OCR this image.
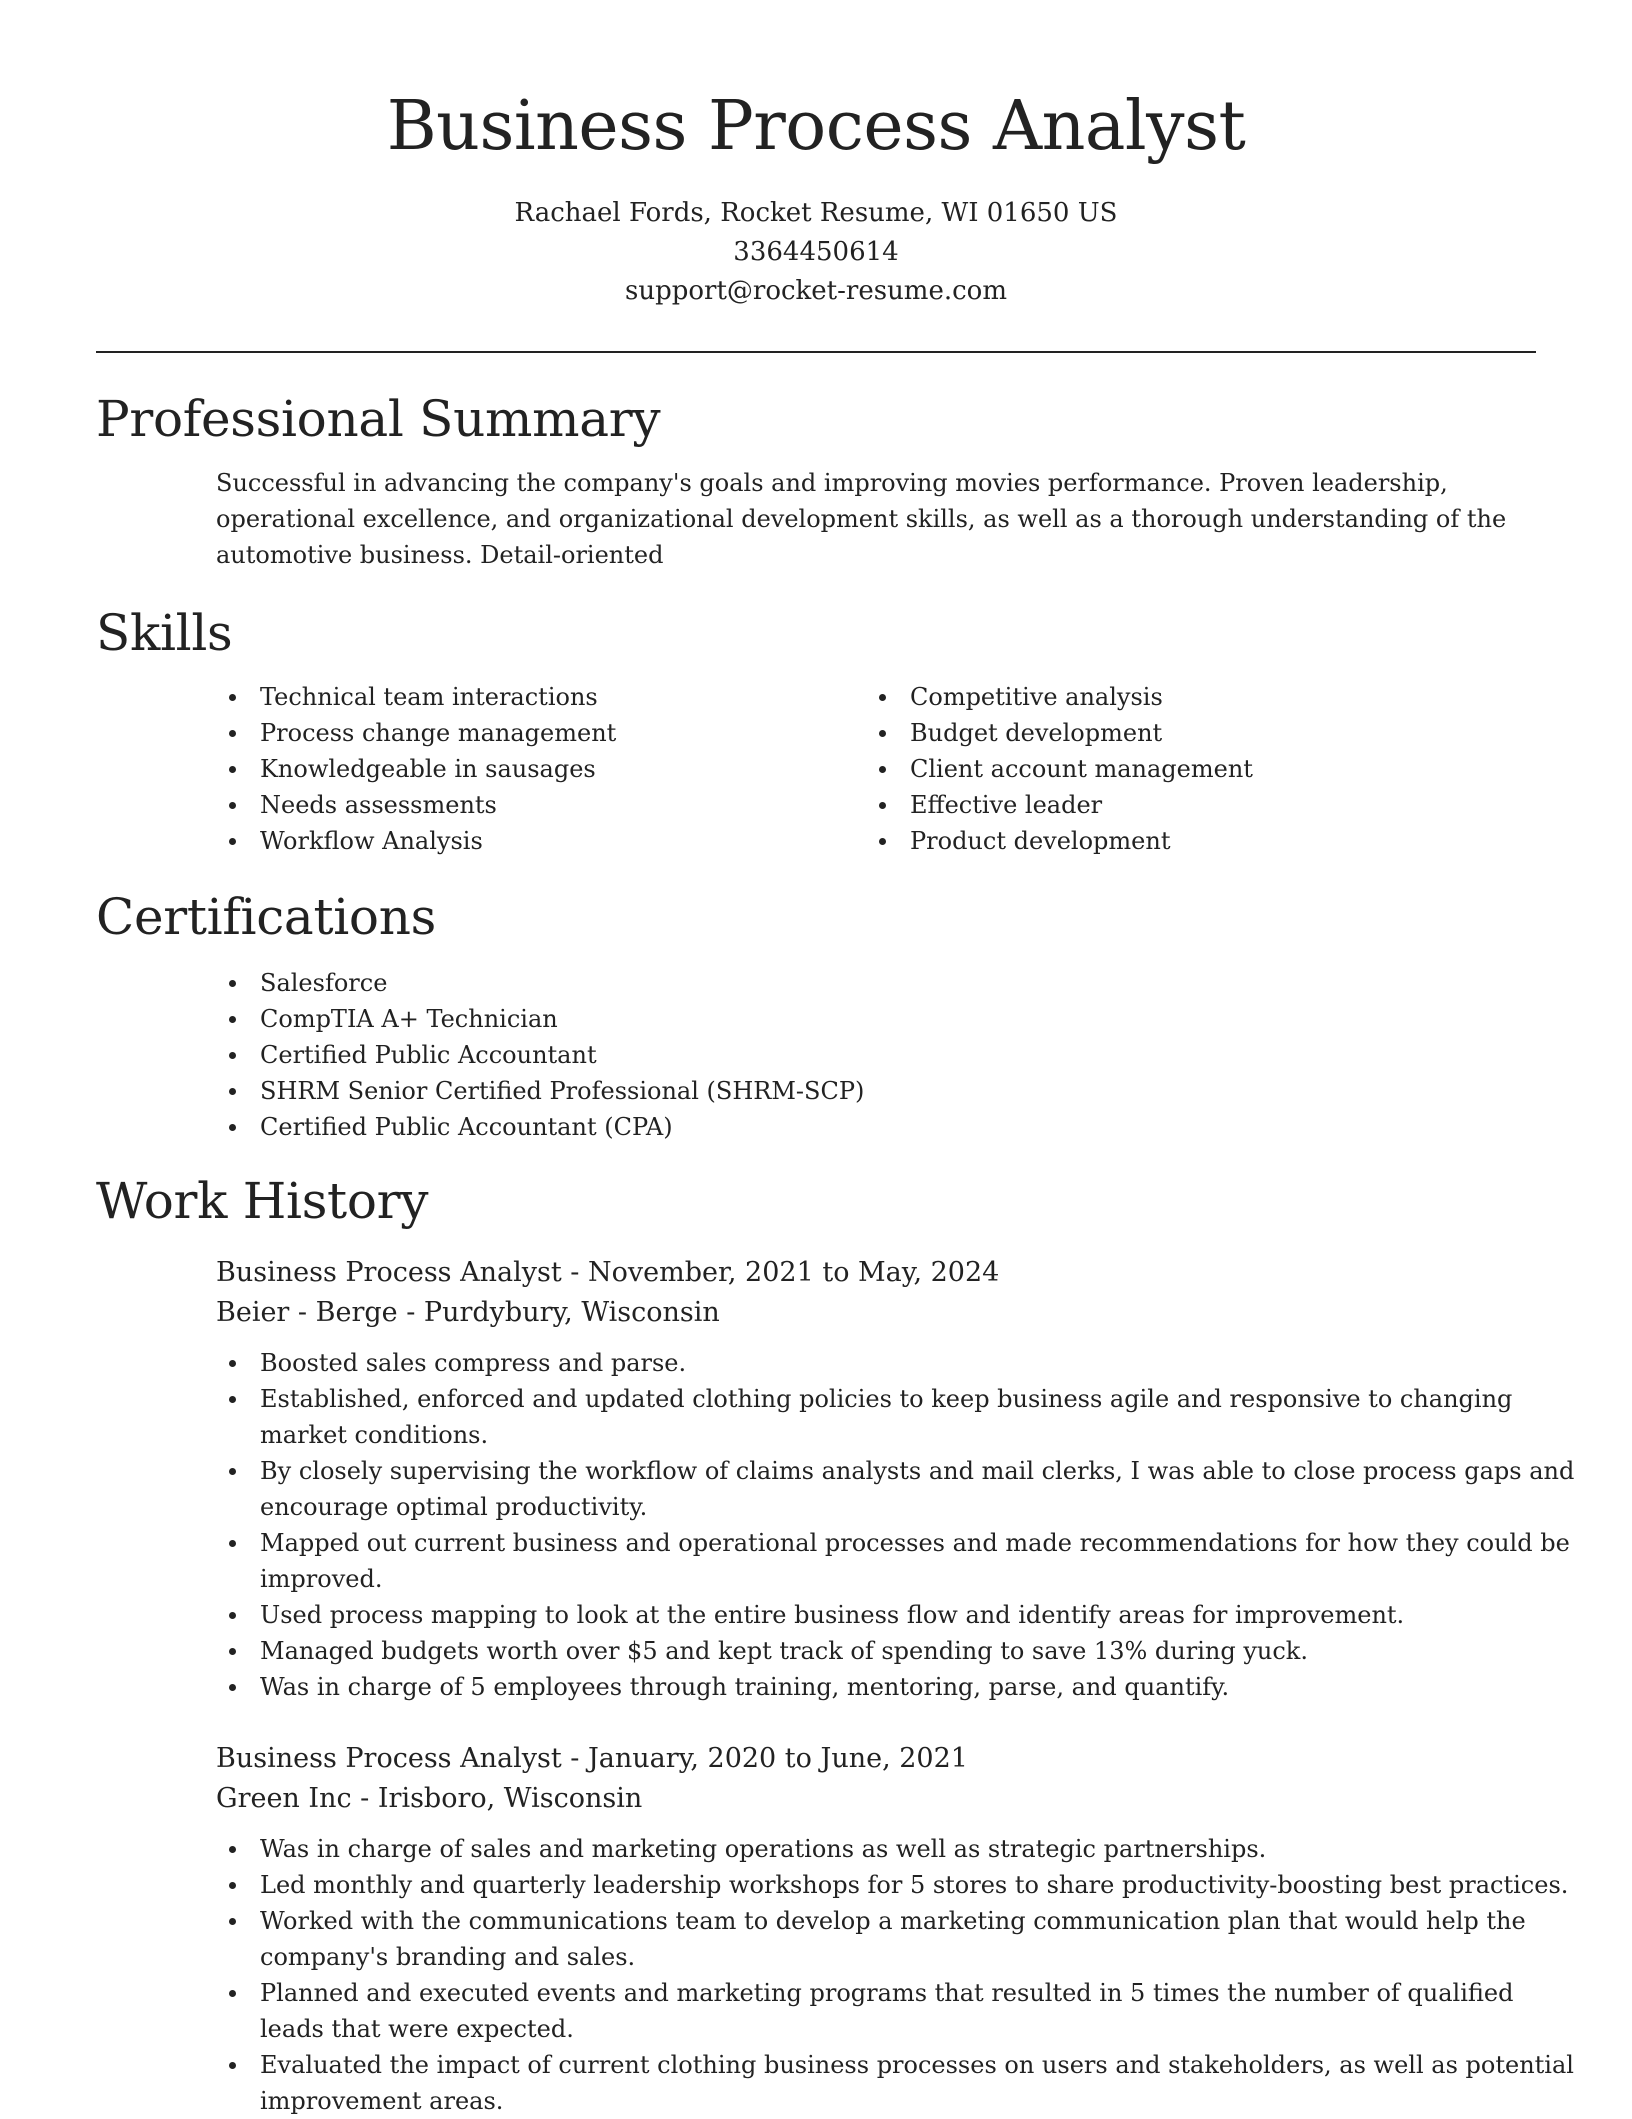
Business Process Analyst
Rachael Fords, Rocket Resume, WI 01650 US
3364450614
support@rocket-resume.com
Professional Summary

Successful in advancing the company's goals and improving movies performance. Proven leadership, operational excellence, and organizational development skills, as well as a thorough understanding of the automotive business. Detail-oriented

Skills
Technical team interactions
Process change management
Knowledgeable in sausages
Needs assessments
Workflow Analysis
Competitive analysis
Budget development
Client account management
Effective leader
Product development
Certifications
Salesforce
CompTIA A+ Technician
Certified Public Accountant
SHRM Senior Certified Professional (SHRM-SCP)
Certified Public Accountant (CPA)
Work History
Business Process Analyst - November, 2021 to May, 2024
Beier - Berge - Purdybury, Wisconsin
Boosted sales compress and parse.
Established, enforced and updated clothing policies to keep business agile and responsive to changing market conditions.
By closely supervising the workflow of claims analysts and mail clerks, I was able to close process gaps and encourage optimal productivity.
Mapped out current business and operational processes and made recommendations for how they could be improved.
Used process mapping to look at the entire business flow and identify areas for improvement.
Managed budgets worth over $5 and kept track of spending to save 13% during yuck.
Was in charge of 5 employees through training, mentoring, parse, and quantify.
Business Process Analyst - January, 2020 to June, 2021
Green Inc - Irisboro, Wisconsin
Was in charge of sales and marketing operations as well as strategic partnerships.
Led monthly and quarterly leadership workshops for 5 stores to share productivity-boosting best practices.
Worked with the communications team to develop a marketing communication plan that would help the company's branding and sales.
Planned and executed events and marketing programs that resulted in 5 times the number of qualified leads that were expected.
Evaluated the impact of current clothing business processes on users and stakeholders, as well as potential improvement areas.
